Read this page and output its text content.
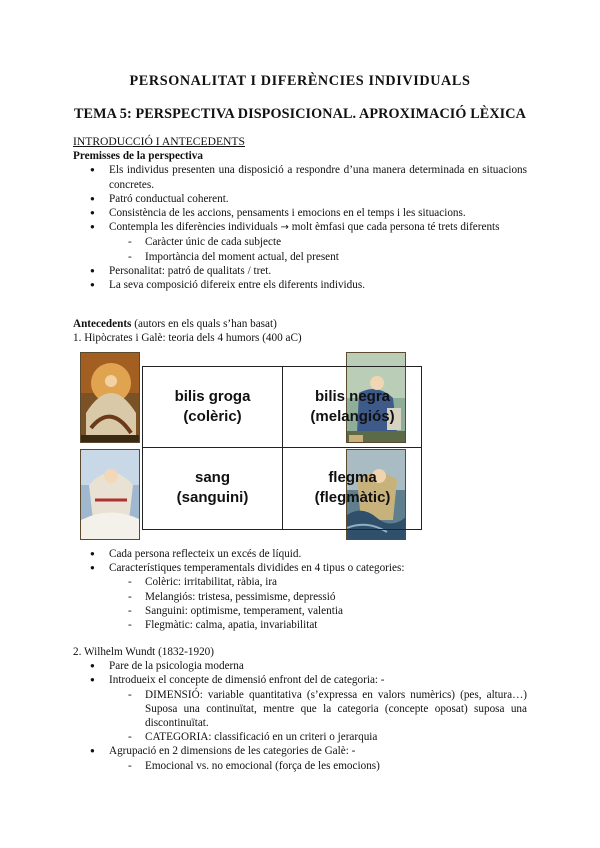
PERSONALITAT I DIFERÈNCIES INDIVIDUALS
TEMA 5: PERSPECTIVA DISPOSICIONAL. APROXIMACIÓ LÈXICA
INTRODUCCIÓ I ANTECEDENTS
Premisses de la perspectiva
● Els individus presenten una disposició a respondre d’una manera determinada en situacions concretes.
● Patró conductual coherent.
● Consistència de les accions, pensaments i emocions en el temps i les situacions.
● Contempla les diferències individuals → molt èmfasi que cada persona té trets diferents
- Caràcter únic de cada subjecte
- Importància del moment actual, del present
● Personalitat: patró de qualitats / tret.
● La seva composició difereix entre els diferents individus.
Antecedents (autors en els quals s’han basat)
1. Hipòcrates i Galè: teoria dels 4 humors (400 aC)
bilis groga
(colèric)
bilis negra
(melangiós)
sang
(sanguini)
flegma
(flegmàtic)
● Cada persona reflecteix un excés de líquid.
● Característiques temperamentals dividides en 4 tipus o categories:
- Colèric: irritabilitat, ràbia, ira
- Melangiós: tristesa, pessimisme, depressió
- Sanguini: optimisme, temperament, valentia
- Flegmàtic: calma, apatia, invariabilitat
2. Wilhelm Wundt (1832-1920)
● Pare de la psicologia moderna
● Introdueix el concepte de dimensió enfront del de categoria: -
- DIMENSIÓ: variable quantitativa (s’expressa en valors numèrics) (pes, altura…) Suposa una continuïtat, mentre que la categoria (concepte oposat) suposa una discontinuïtat.
- CATEGORIA: classificació en un criteri o jerarquia
● Agrupació en 2 dimensions de les categories de Galè: -
- Emocional vs. no emocional (força de les emocions)
